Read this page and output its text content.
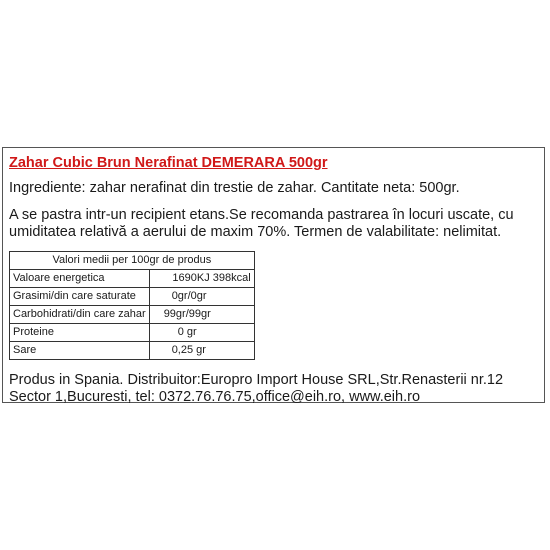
Zahar Cubic Brun Nerafinat DEMERARA 500gr
Ingrediente: zahar nerafinat din trestie de zahar. Cantitate neta: 500gr.
A se pastra intr-un recipient etans.Se recomanda pastrarea în locuri uscate, cu umiditatea relativă a aerului de maxim 70%. Termen de valabilitate: nelimitat.
Valori medii per 100gr de produs	
Valoare energetica	1690KJ 398kcal
Grasimi/din care saturate	0gr/0gr
Carbohidrati/din care zahar	99gr/99gr
Proteine	0 gr
Sare	0,25 gr
Produs in Spania. Distribuitor:Europro Import House SRL,Str.Renasterii nr.12 Sector 1,Bucuresti, tel: 0372.76.76.75,office@eih.ro, www.eih.ro
